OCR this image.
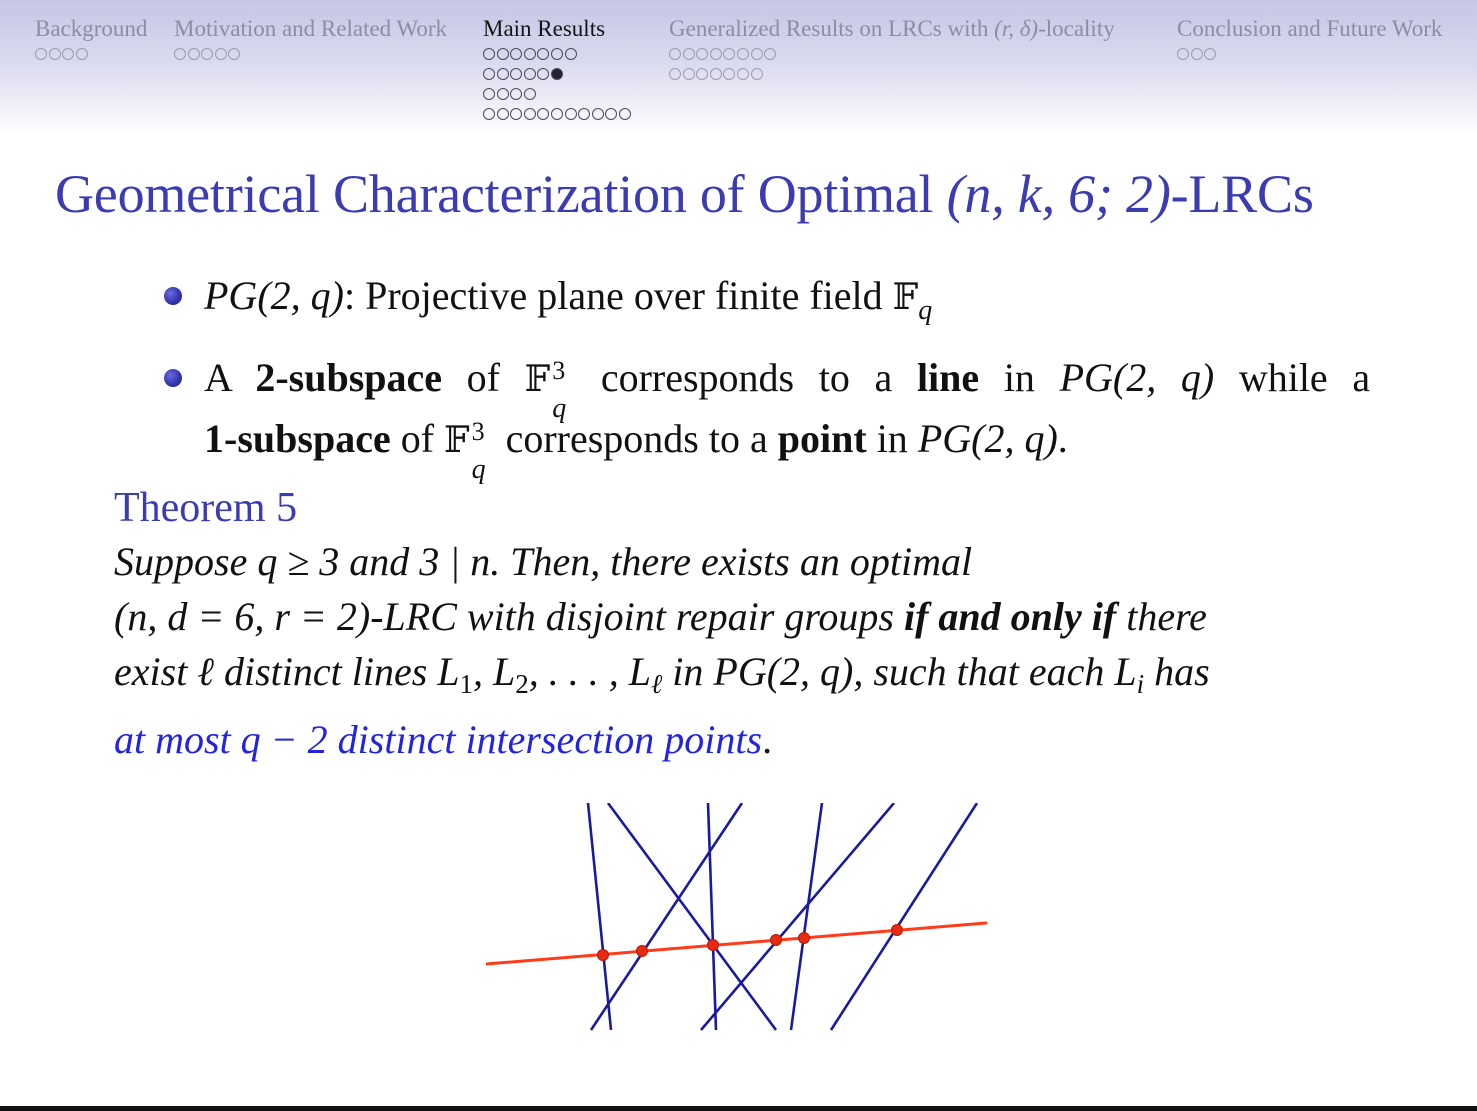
Background Motivation and Related Work Main Results	Generalized Results on LRCs with (r, δ)-locality	Conclusion and Future Work
Geometrical Characterization of Optimal (n, k, 6; 2)-LRCs
PG(2, q): Projective plane over finite field 𝔽$_q$
A 2-subspace of 𝔽 3
q
corresponds to a line in PG(2, q) while a
1-subspace of 𝔽 3
q
corresponds to a point in PG(2, q).
Theorem 5
Suppose q ≥ 3 and 3 | n. Then, there exists an optimal
(n, d = 6, r = 2)-LRC with disjoint repair groups if and only if there
exist ℓ distinct lines $L_1$, $L_2$, . . . , $L_\ell$ in PG(2, q), such that each $L_i$ has
at most q − 2 distinct intersection points.
